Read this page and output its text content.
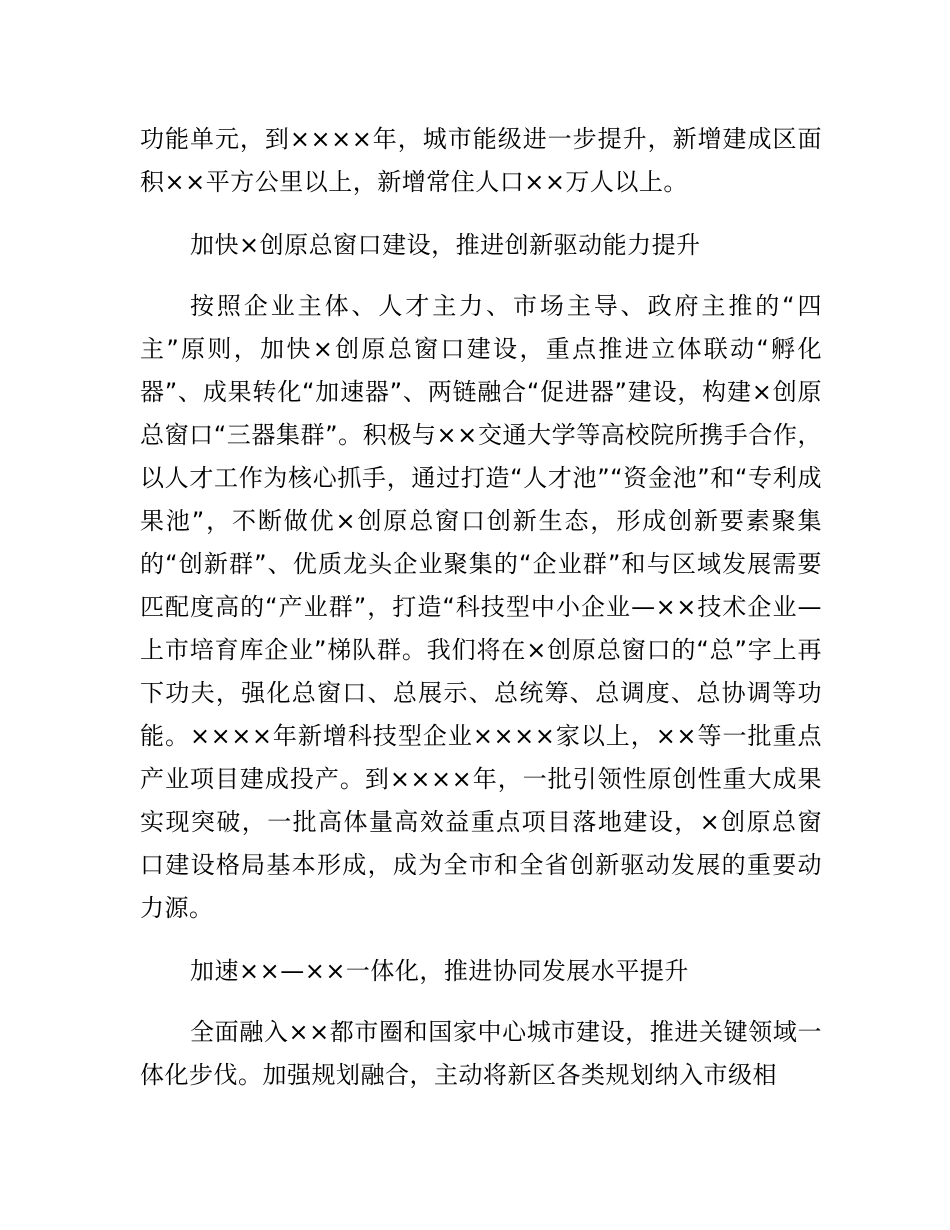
功能单元，到××××年，城市能级进一步提升，新增建成区面积××平方公里以上，新增常住人口××万人以上。

加快×创原总窗口建设，推进创新驱动能力提升

按照企业主体、人才主力、市场主导、政府主推的“四主”原则，加快×创原总窗口建设，重点推进立体联动“孵化器”、成果转化“加速器”、两链融合“促进器”建设，构建×创原总窗口“三器集群”。积极与××交通大学等高校院所携手合作，以人才工作为核心抓手，通过打造“人才池”“资金池”和“专利成果池”，不断做优×创原总窗口创新生态，形成创新要素聚集的“创新群”、优质龙头企业聚集的“企业群”和与区域发展需要匹配度高的“产业群”，打造“科技型中小企业—××技术企业—上市培育库企业”梯队群。我们将在×创原总窗口的“总”字上再下功夫，强化总窗口、总展示、总统筹、总调度、总协调等功能。××××年新增科技型企业××××家以上，××等一批重点产业项目建成投产。到××××年，一批引领性原创性重大成果实现突破，一批高体量高效益重点项目落地建设，×创原总窗口建设格局基本形成，成为全市和全省创新驱动发展的重要动力源。

加速××—××一体化，推进协同发展水平提升

全面融入××都市圈和国家中心城市建设，推进关键领域一体化步伐。加强规划融合，主动将新区各类规划纳入市级相
